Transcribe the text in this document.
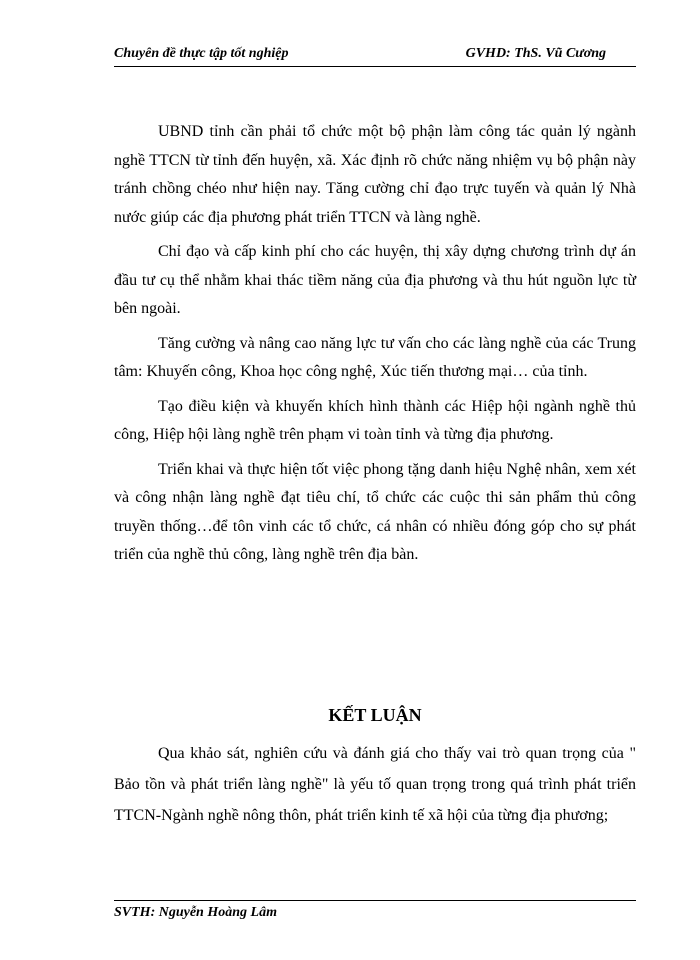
Chuyên đề thực tập tốt nghiệp	GVHD: ThS. Vũ Cương

UBND tỉnh cần phải tổ chức một bộ phận làm công tác quản lý ngành nghề TTCN từ tỉnh đến huyện, xã. Xác định rõ chức năng nhiệm vụ bộ phận này tránh chồng chéo như hiện nay. Tăng cường chỉ đạo trực tuyến và quản lý Nhà nước giúp các địa phương phát triển TTCN và làng nghề.

Chỉ đạo và cấp kinh phí cho các huyện, thị xây dựng chương trình dự án đầu tư cụ thể nhằm khai thác tiềm năng của địa phương và thu hút nguồn lực từ bên ngoài.

Tăng cường và nâng cao năng lực tư vấn cho các làng nghề của các Trung tâm: Khuyến công, Khoa học công nghệ, Xúc tiến thương mại… của tỉnh.

Tạo điều kiện và khuyến khích hình thành các Hiệp hội ngành nghề thủ công, Hiệp hội làng nghề trên phạm vi toàn tỉnh và từng địa phương.

Triển khai và thực hiện tốt việc phong tặng danh hiệu Nghệ nhân, xem xét và công nhận làng nghề đạt tiêu chí, tổ chức các cuộc thi sản phẩm thủ công truyền thống…để tôn vinh các tổ chức, cá nhân có nhiều đóng góp cho sự phát triển của nghề thủ công, làng nghề trên địa bàn.

KẾT LUẬN

Qua khảo sát, nghiên cứu và đánh giá cho thấy vai trò quan trọng của " Bảo tồn và phát triển làng nghề" là yếu tố quan trọng trong quá trình phát triển TTCN-Ngành nghề nông thôn, phát triển kinh tế xã hội của từng địa phương;

SVTH: Nguyễn Hoàng Lâm
